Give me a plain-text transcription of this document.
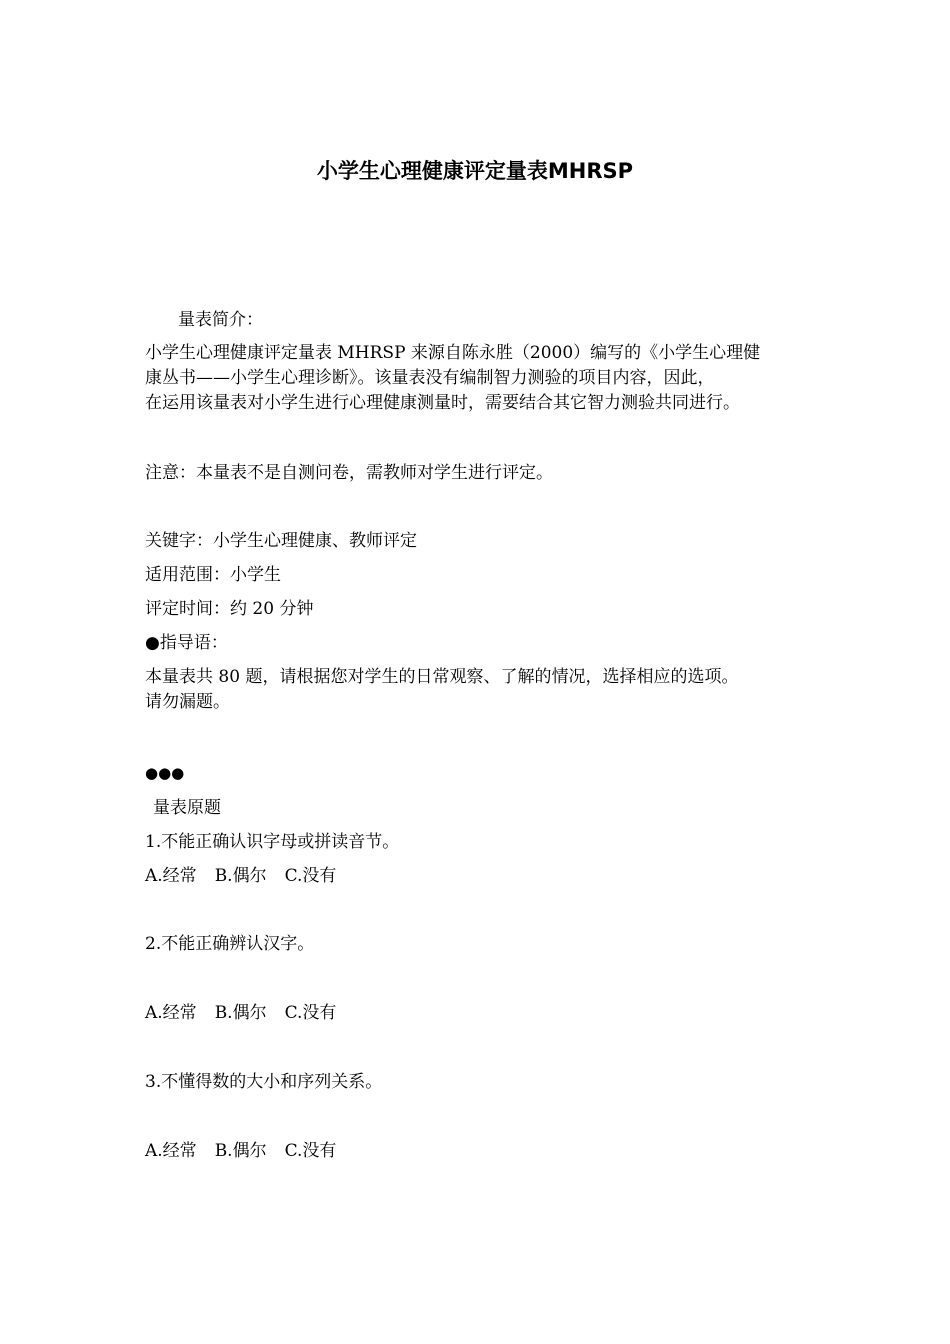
小学生心理健康评定量表MHRSP

量表简介：

小学生心理健康评定量表 MHRSP 来源自陈永胜（2000）编写的《小学生心理健

康丛书——小学生心理诊断》。该量表没有编制智力测验的项目内容，因此，

在运用该量表对小学生进行心理健康测量时，需要结合其它智力测验共同进行。

注意：本量表不是自测问卷，需教师对学生进行评定。

关键字：小学生心理健康、教师评定

适用范围：小学生

评定时间：约 20 分钟

●指导语：

本量表共 80 题，请根据您对学生的日常观察、了解的情况，选择相应的选项。

请勿漏题。

●●●

量表原题

1.不能正确认识字母或拼读音节。

A.经常 B.偶尔 C.没有

2.不能正确辨认汉字。

A.经常 B.偶尔 C.没有

3.不懂得数的大小和序列关系。

A.经常 B.偶尔 C.没有
